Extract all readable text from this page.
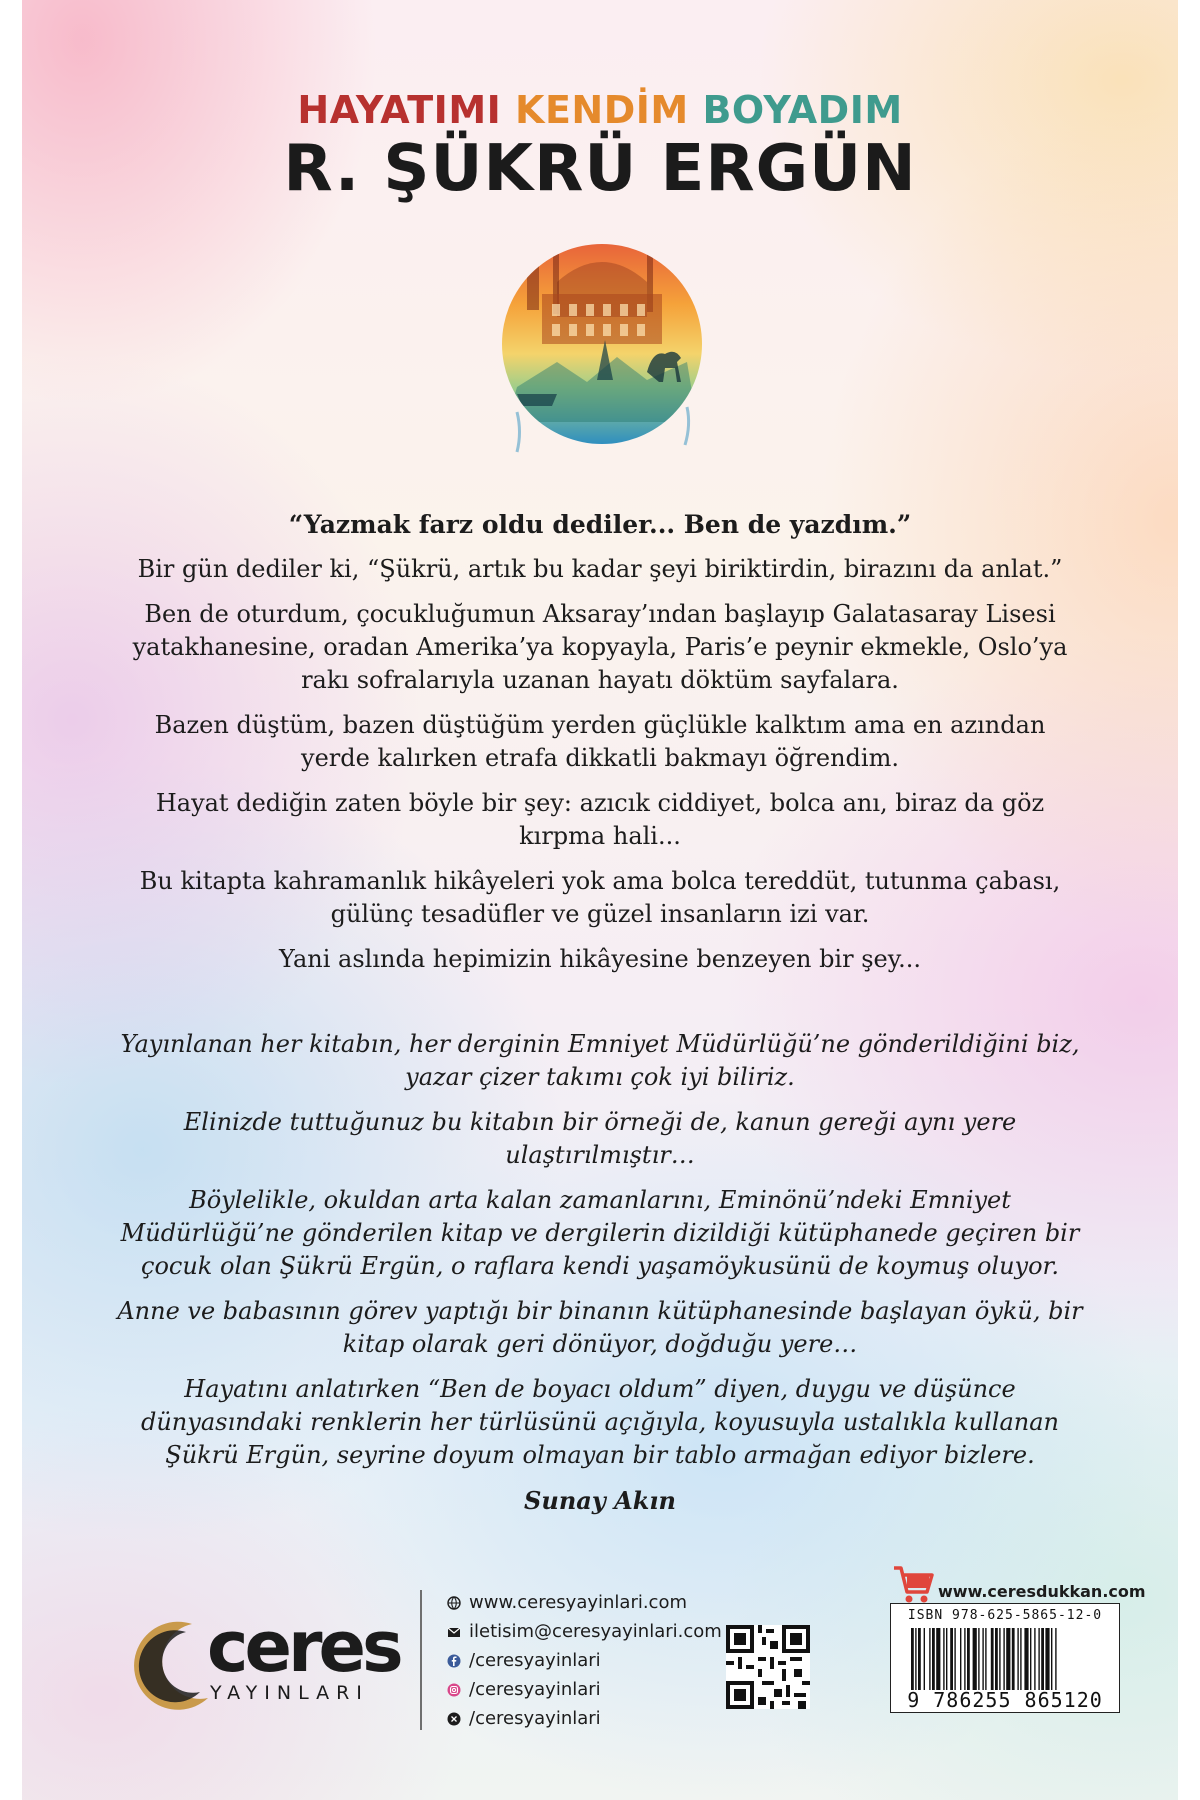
HAYATIMI KENDİM BOYADIM
R. ŞÜKRÜ ERGÜN

“Yazmak farz oldu dediler... Ben de yazdım.”

Bir gün dediler ki, “Şükrü, artık bu kadar şeyi biriktirdin, birazını da anlat.”

Ben de oturdum, çocukluğumun Aksaray’ından başlayıp Galatasaray Lisesi yatakhanesine, oradan Amerika’ya kopyayla, Paris’e peynir ekmekle, Oslo’ya rakı sofralarıyla uzanan hayatı döktüm sayfalara.

Bazen düştüm, bazen düştüğüm yerden güçlükle kalktım ama en azından yerde kalırken etrafa dikkatli bakmayı öğrendim.

Hayat dediğin zaten böyle bir şey: azıcık ciddiyet, bolca anı, biraz da göz kırpma hali...

Bu kitapta kahramanlık hikâyeleri yok ama bolca tereddüt, tutunma çabası, gülünç tesadüfler ve güzel insanların izi var.

Yani aslında hepimizin hikâyesine benzeyen bir şey...

Yayınlanan her kitabın, her derginin Emniyet Müdürlüğü’ne gönderildiğini biz, yazar çizer takımı çok iyi biliriz.

Elinizde tuttuğunuz bu kitabın bir örneği de, kanun gereği aynı yere ulaştırılmıştır…

Böylelikle, okuldan arta kalan zamanlarını, Eminönü’ndeki Emniyet Müdürlüğü’ne gönderilen kitap ve dergilerin dizildiği kütüphanede geçiren bir çocuk olan Şükrü Ergün, o raflara kendi yaşamöykusünü de koymuş oluyor.

Anne ve babasının görev yaptığı bir binanın kütüphanesinde başlayan öykü, bir kitap olarak geri dönüyor, doğduğu yere…

Hayatını anlatırken “Ben de boyacı oldum” diyen, duygu ve düşünce dünyasındaki renklerin her türlüsünü açığıyla, koyusuyla ustalıkla kullanan Şükrü Ergün, seyrine doyum olmayan bir tablo armağan ediyor bizlere.

Sunay Akın

ceres
YAYINLARI
www.ceresyayinlari.com
iletisim@ceresyayinlari.com
/ceresyayinlari
/ceresyayinlari
/ceresyayinlari
www.ceresdukkan.com
ISBN 978-625-5865-12-0
9 786255 865120
